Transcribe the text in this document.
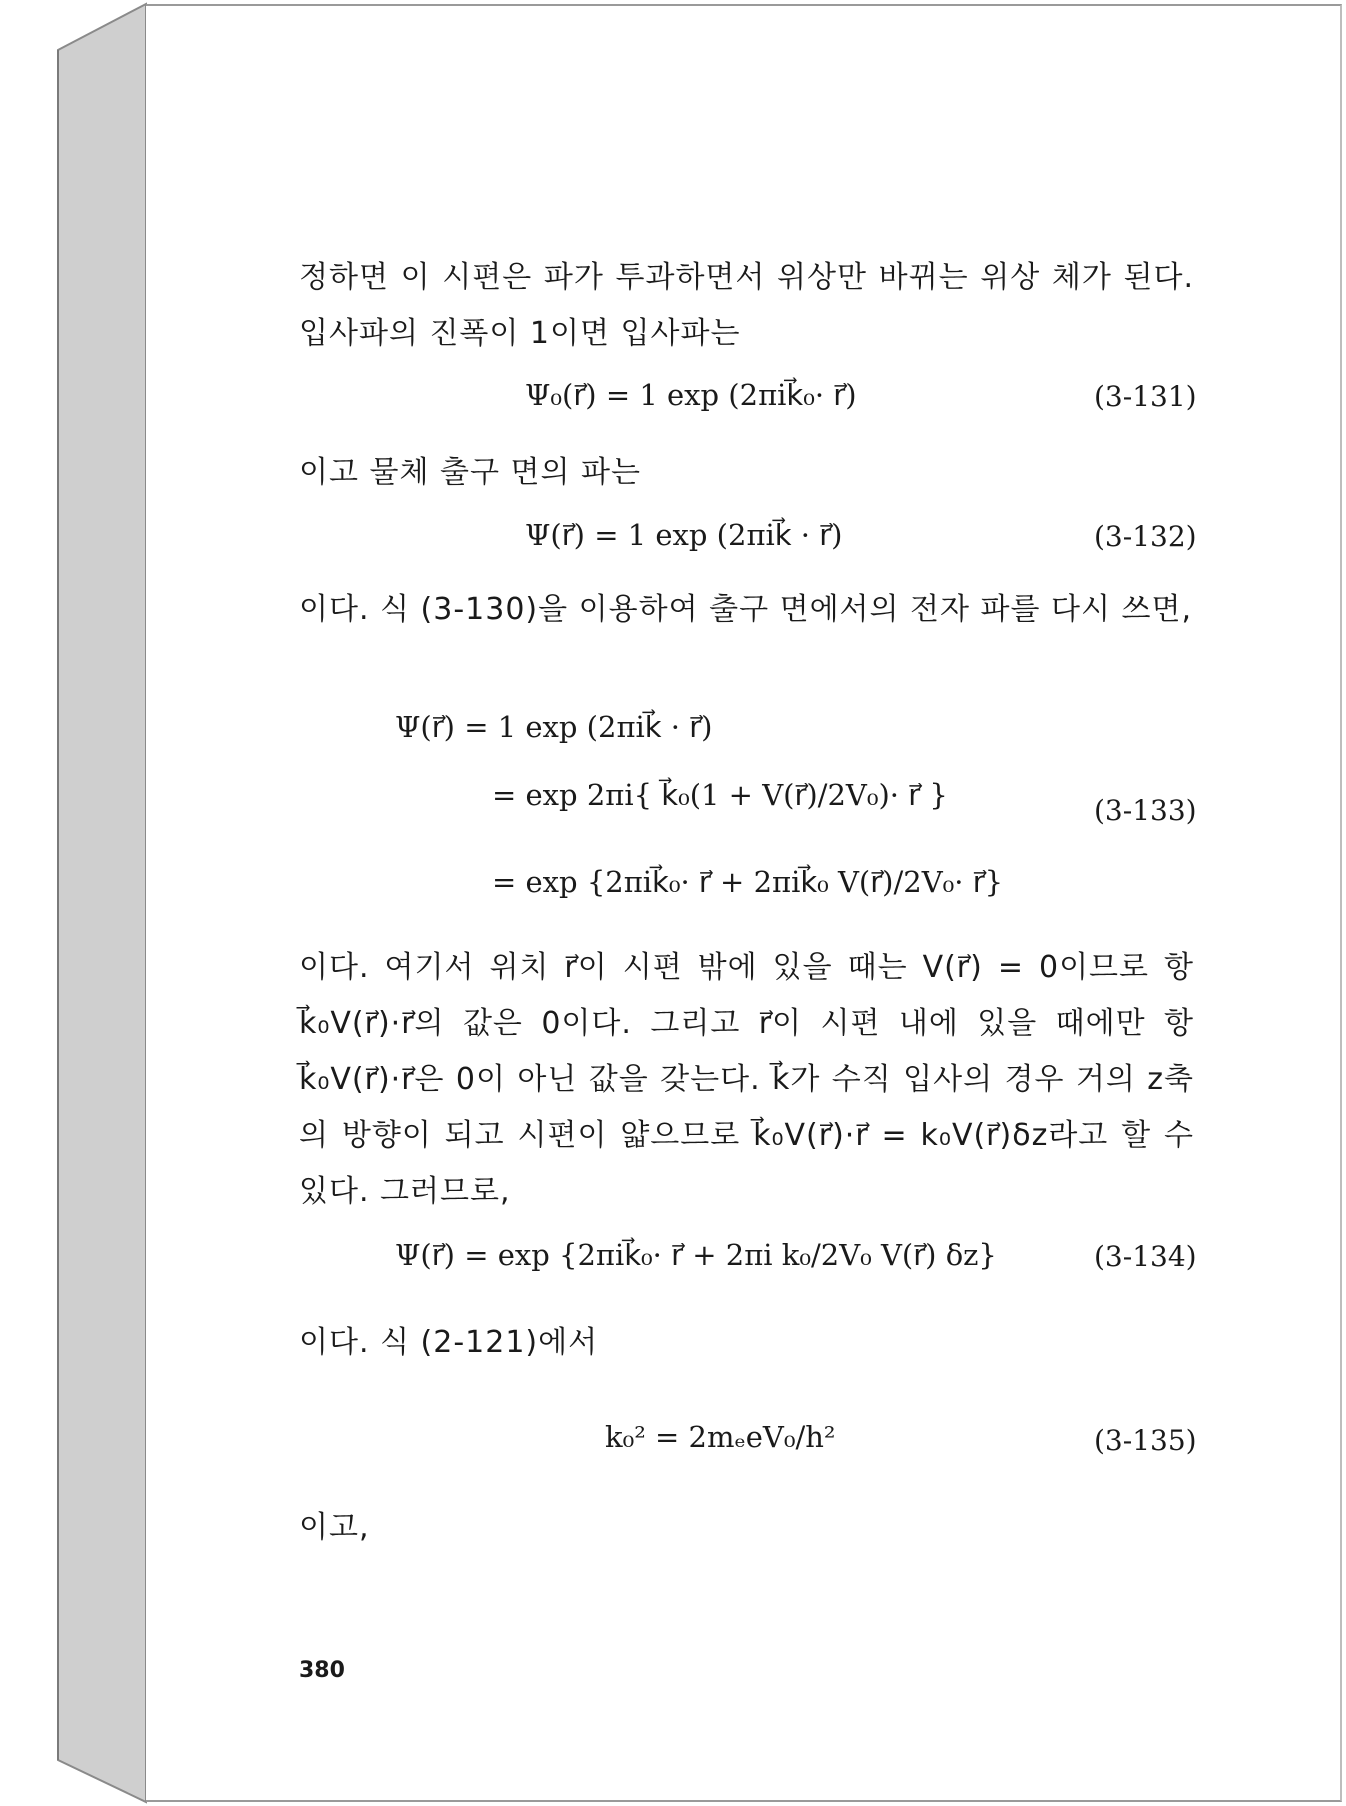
정하면 이 시편은 파가 투과하면서 위상만 바뀌는 위상 체가 된다. 입사파의 진폭이 1이면 입사파는
Ψ₀(r⃗) = 1 exp (2πik⃗₀· r⃗)	(3-131)
이고 물체 출구 면의 파는
Ψ(r⃗) = 1 exp (2πik⃗ · r⃗)	(3-132)
이다. 식 (3-130)을 이용하여 출구 면에서의 전자 파를 다시 쓰면,
Ψ(r⃗) = 1 exp (2πik⃗ · r⃗)
= exp 2πi{ k⃗₀(1 + V(r⃗)/2V₀)· r⃗ }
= exp {2πik⃗₀· r⃗ + 2πik⃗₀ V(r⃗)/2V₀· r⃗}
(3-133)
이다. 여기서 위치 r⃗이 시편 밖에 있을 때는 V(r⃗) = 0이므로 항 k⃗₀V(r⃗)·r⃗의 값은 0이다. 그리고 r⃗이 시편 내에 있을 때에만 항 k⃗₀V(r⃗)·r⃗은 0이 아닌 값을 갖는다. k⃗가 수직 입사의 경우 거의 z축의 방향이 되고 시편이 얇으므로 k⃗₀V(r⃗)·r⃗ = k₀V(r⃗)δz라고 할 수 있다. 그러므로,
Ψ(r⃗) = exp {2πik⃗₀· r⃗ + 2πi k₀/2V₀ V(r⃗) δz}	(3-134)
이다. 식 (2-121)에서
k₀² = 2mₑeV₀/h²	(3-135)
이고,
380
